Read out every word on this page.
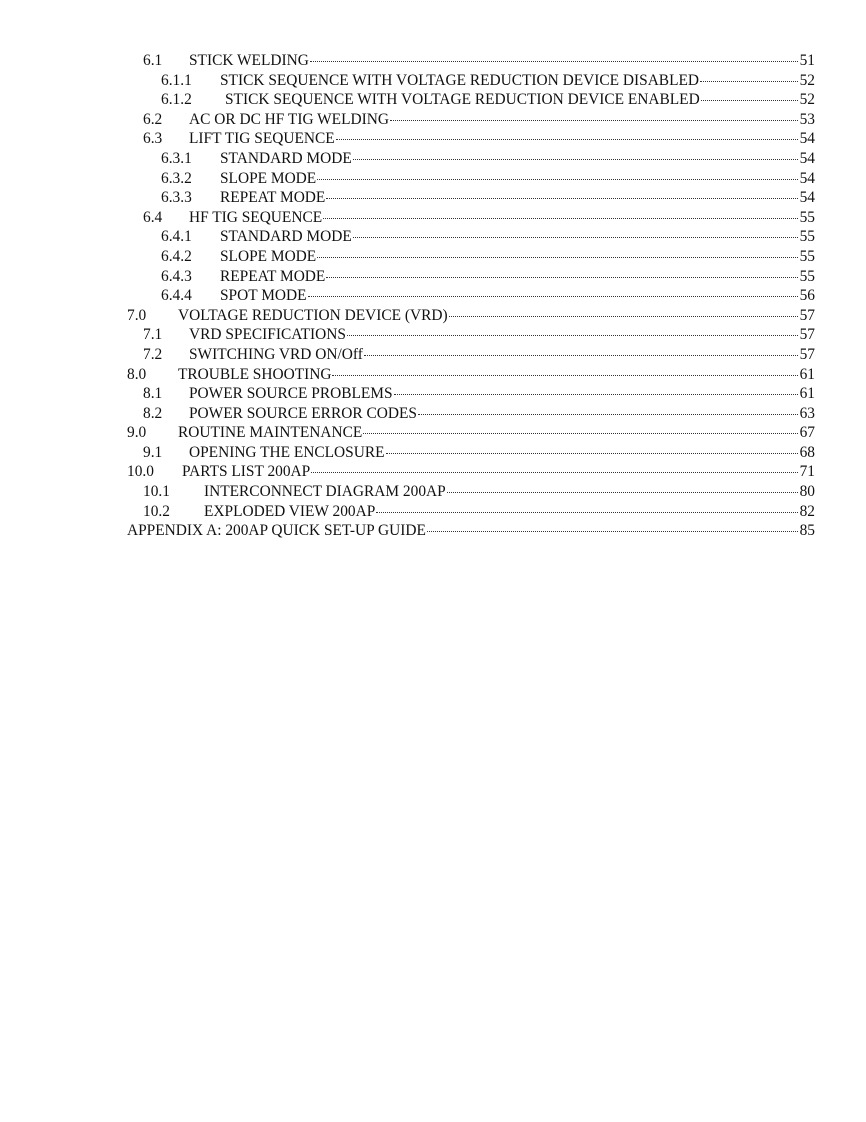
6.1	STICK WELDING	51
6.1.1	STICK SEQUENCE WITH VOLTAGE REDUCTION DEVICE DISABLED	52
6.1.2	STICK SEQUENCE WITH VOLTAGE REDUCTION DEVICE ENABLED	52
6.2	AC OR DC HF TIG WELDING	53
6.3	LIFT TIG SEQUENCE	54
6.3.1	STANDARD MODE	54
6.3.2	SLOPE MODE	54
6.3.3	REPEAT MODE	54
6.4	HF TIG SEQUENCE	55
6.4.1	STANDARD MODE	55
6.4.2	SLOPE MODE	55
6.4.3	REPEAT MODE	55
6.4.4	SPOT MODE	56
7.0	VOLTAGE REDUCTION DEVICE (VRD)	57
7.1	VRD SPECIFICATIONS	57
7.2	SWITCHING VRD ON/Off	57
8.0	TROUBLE SHOOTING	61
8.1	POWER SOURCE PROBLEMS	61
8.2	POWER SOURCE ERROR CODES	63
9.0	ROUTINE MAINTENANCE	67
9.1	OPENING THE ENCLOSURE	68
10.0	PARTS LIST 200AP	71
10.1	INTERCONNECT DIAGRAM 200AP	80
10.2	EXPLODED VIEW 200AP	82
APPENDIX A: 200AP QUICK SET-UP GUIDE	85
